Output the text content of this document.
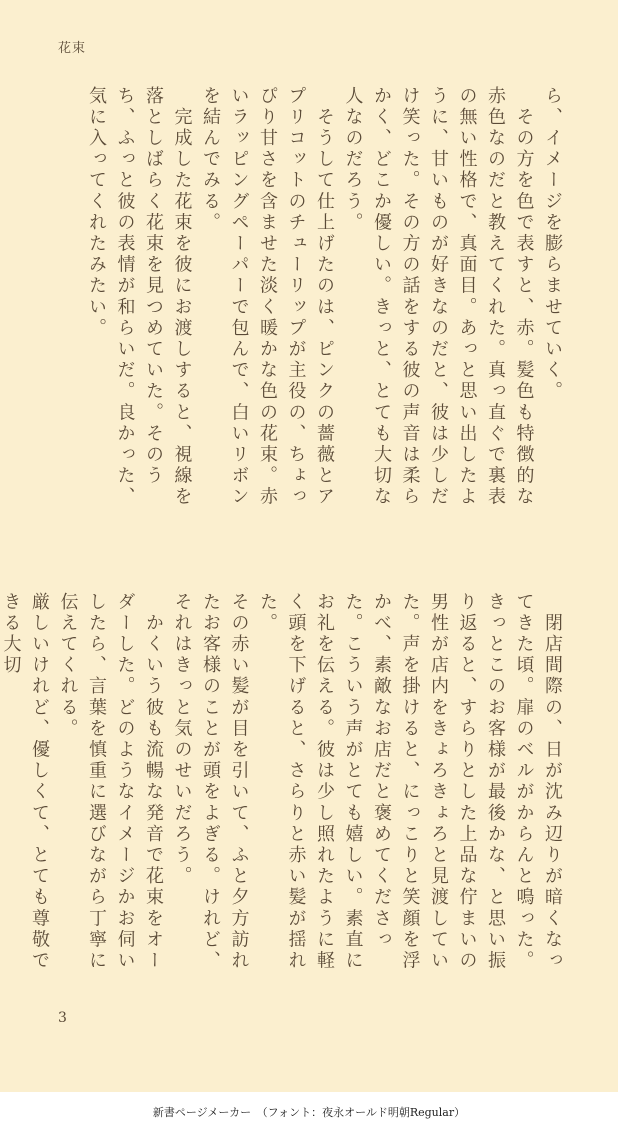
花束

ら、イメージを膨らませていく。

　その方を色で表すと、赤。髪色も特徴的な赤色なのだと教えてくれた。真っ直ぐで裏表の無い性格で、真面目。あっと思い出したように、甘いものが好きなのだと、彼は少しだけ笑った。その方の話をする彼の声音は柔らかく、どこか優しい。きっと、とても大切な人なのだろう。

　そうして仕上げたのは、ピンクの薔薇とアプリコットのチューリップが主役の、ちょっぴり甘さを含ませた淡く暖かな色の花束。赤いラッピングペーパーで包んで、白いリボンを結んでみる。

　完成した花束を彼にお渡しすると、視線を落としばらく花束を見つめていた。そのうち、ふっと彼の表情が和らいだ。良かった、気に入ってくれたみたい。

　閉店間際の、日が沈み辺りが暗くなってきた頃。扉のベルがからんと鳴った。きっとこのお客様が最後かな、と思い振り返ると、すらりとした上品な佇まいの男性が店内をきょろきょろと見渡していた。声を掛けると、にっこりと笑顔を浮かべ、素敵なお店だと褒めてくださった。こういう声がとても嬉しい。素直にお礼を伝える。彼は少し照れたように軽く頭を下げると、さらりと赤い髪が揺れた。

その赤い髪が目を引いて、ふと夕方訪れたお客様のことが頭をよぎる。けれど、それはきっと気のせいだろう。

　かくいう彼も流暢な発音で花束をオーダーした。どのようなイメージかお伺いしたら、言葉を慎重に選びながら丁寧に伝えてくれる。

厳しいけれど、優しくて、とても尊敬できる大切

3
新書ページメーカー　（フォント：夜永オールド明朝Regular）
